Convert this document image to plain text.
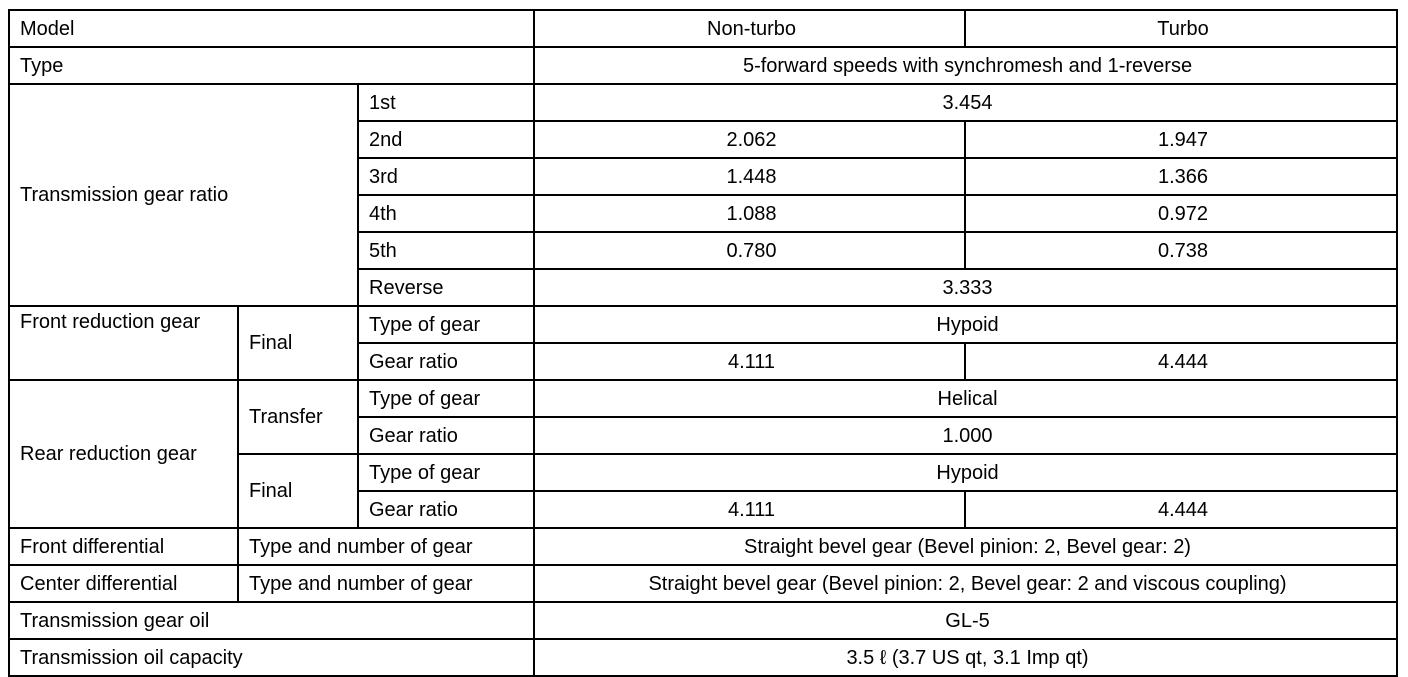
Model			Non-turbo	Turbo
Type			5-forward speeds with synchromesh and 1-reverse	
Transmission gear ratio		1st	3.454	
		2nd	2.062	1.947
		3rd	1.448	1.366
		4th	1.088	0.972
		5th	0.780	0.738
		Reverse	3.333	
Front reduction gear	Final	Type of gear	Hypoid	
		Gear ratio	4.111	4.444
Rear reduction gear	Transfer	Type of gear	Helical	
		Gear ratio	1.000	
	Final	Type of gear	Hypoid	
		Gear ratio	4.111	4.444
Front differential	Type and number of gear		Straight bevel gear (Bevel pinion: 2, Bevel gear: 2)	
Center differential	Type and number of gear		Straight bevel gear (Bevel pinion: 2, Bevel gear: 2 and viscous coupling)	
Transmission gear oil			GL-5	
Transmission oil capacity			3.5 ℓ (3.7 US qt, 3.1 Imp qt)	
